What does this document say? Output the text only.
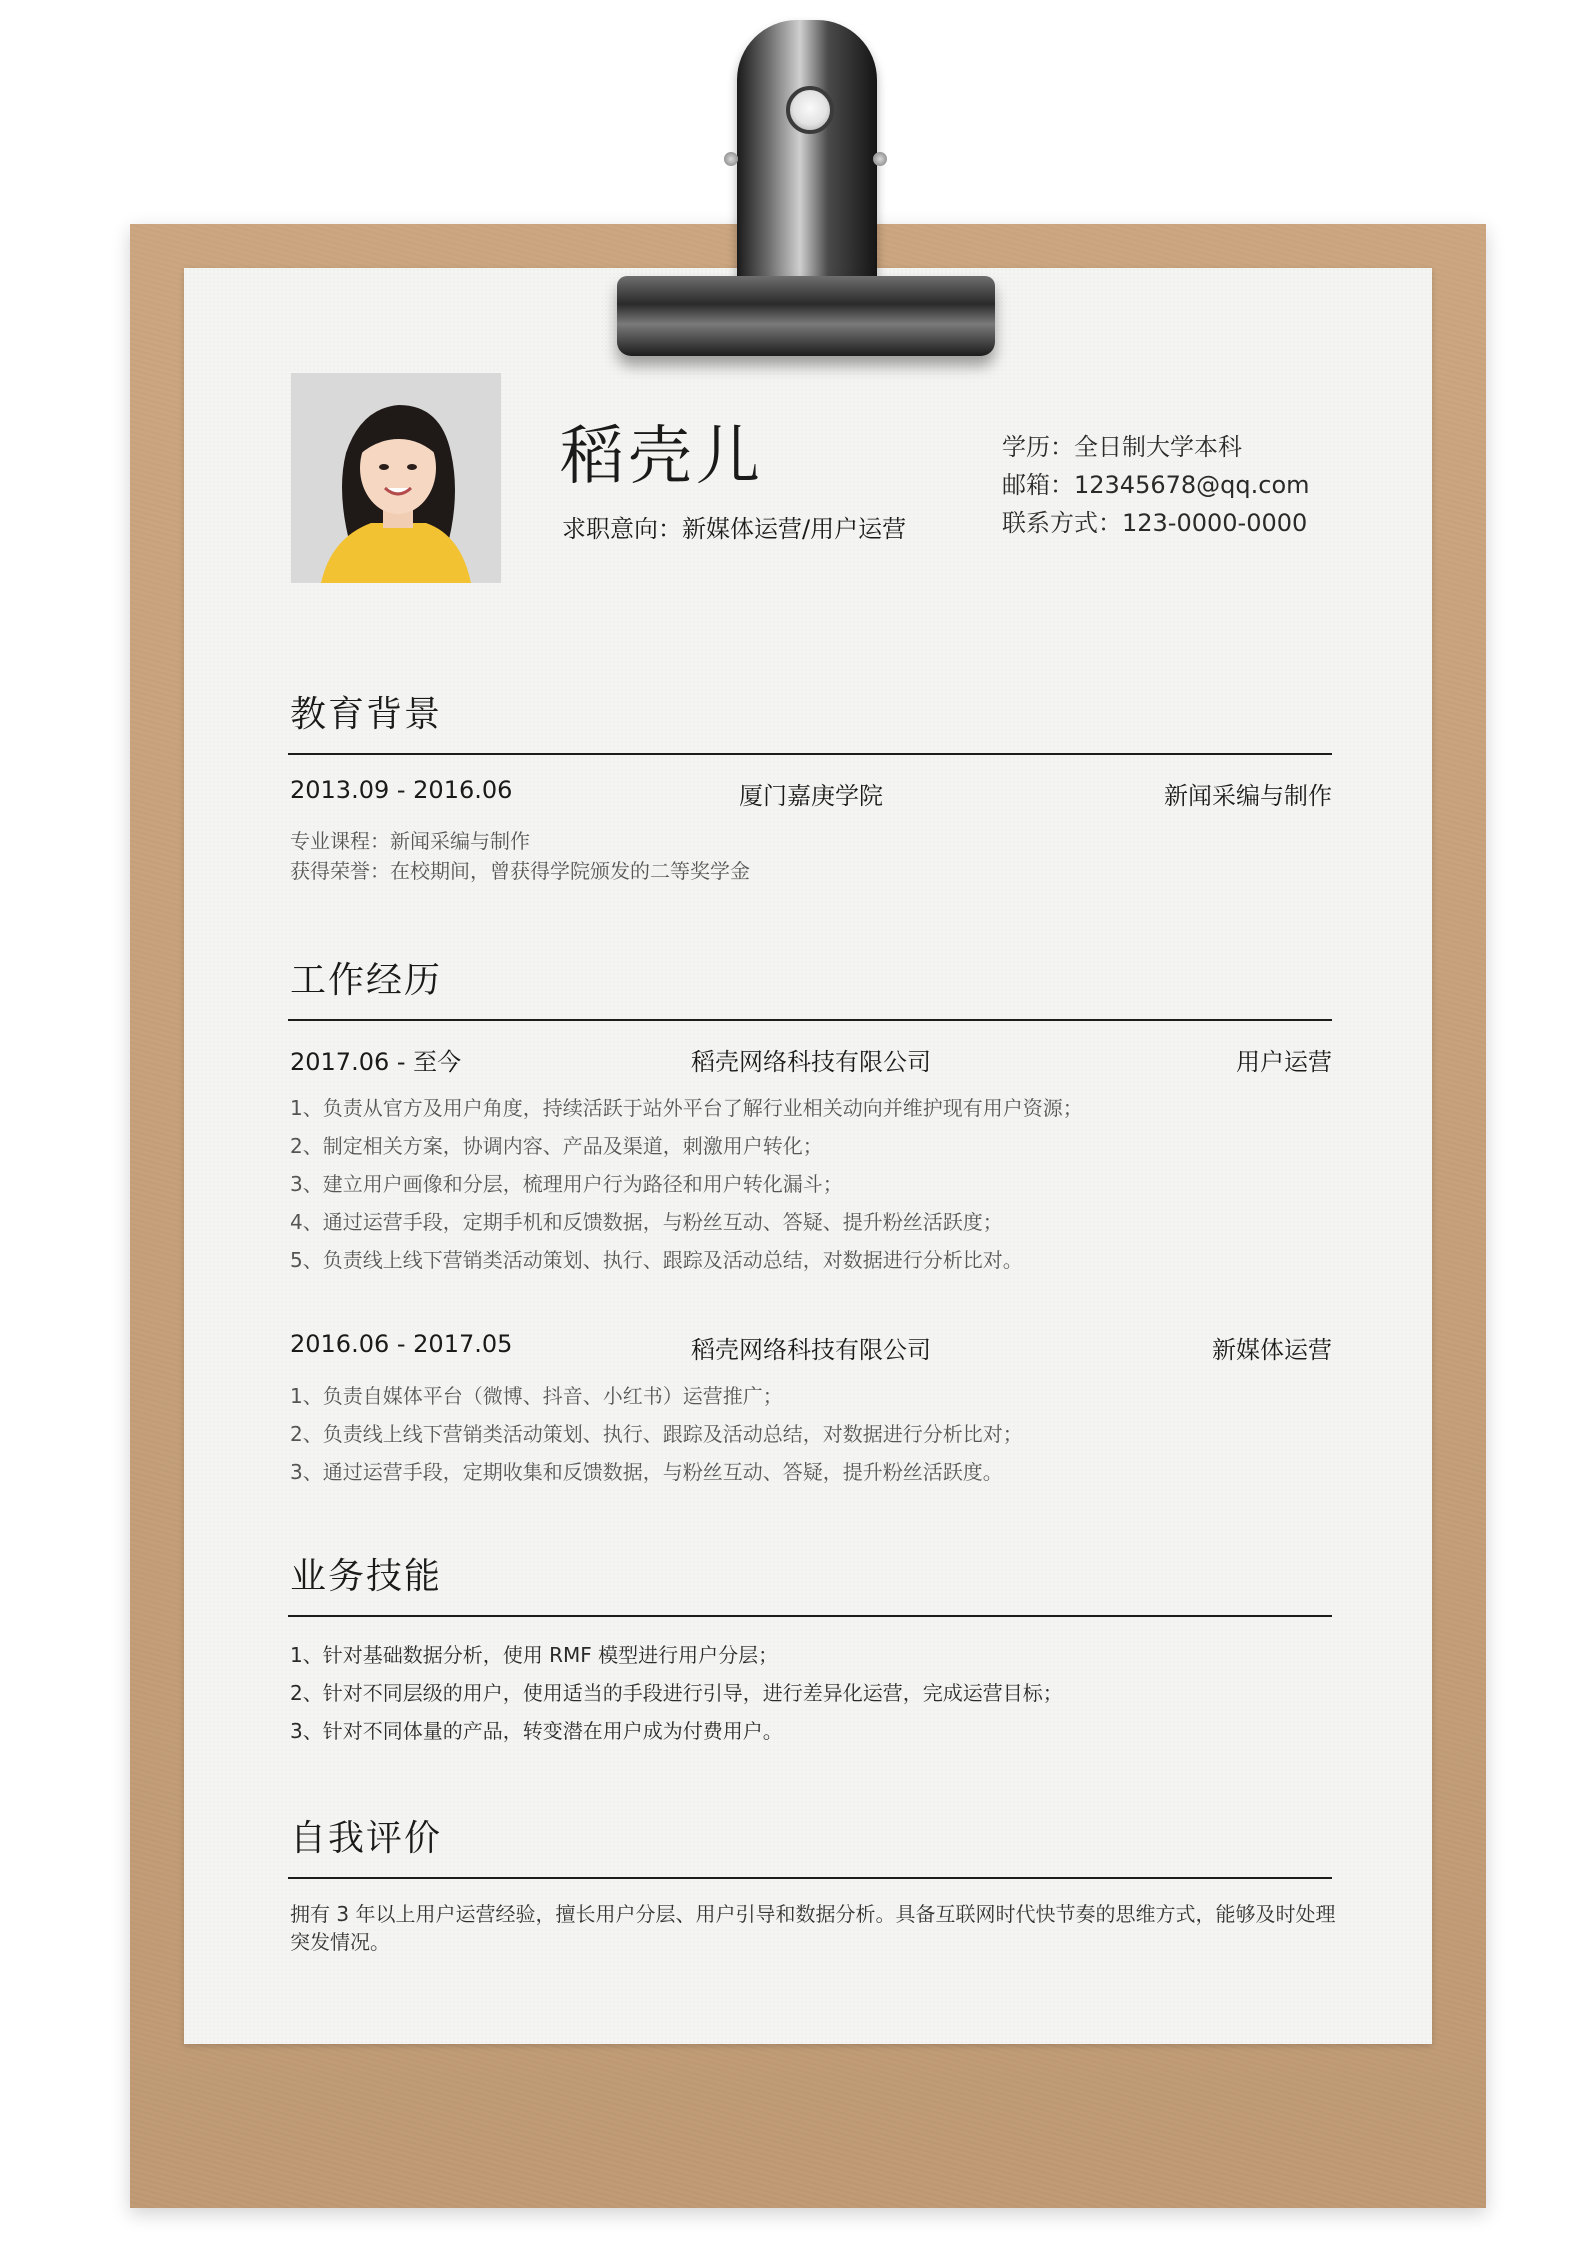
稻壳儿
求职意向：新媒体运营/用户运营
学历：全日制大学本科
邮箱：12345678@qq.com
联系方式：123-0000-0000
教育背景
2013.09 - 2016.06	厦门嘉庚学院	新闻采编与制作
专业课程：新闻采编与制作
获得荣誉：在校期间，曾获得学院颁发的二等奖学金
工作经历
2017.06 - 至今	稻壳网络科技有限公司	用户运营
1、负责从官方及用户角度，持续活跃于站外平台了解行业相关动向并维护现有用户资源；
2、制定相关方案，协调内容、产品及渠道，刺激用户转化；
3、建立用户画像和分层，梳理用户行为路径和用户转化漏斗；
4、通过运营手段，定期手机和反馈数据，与粉丝互动、答疑、提升粉丝活跃度；
5、负责线上线下营销类活动策划、执行、跟踪及活动总结，对数据进行分析比对。
2016.06 - 2017.05	稻壳网络科技有限公司	新媒体运营
1、负责自媒体平台（微博、抖音、小红书）运营推广；
2、负责线上线下营销类活动策划、执行、跟踪及活动总结，对数据进行分析比对；
3、通过运营手段，定期收集和反馈数据，与粉丝互动、答疑，提升粉丝活跃度。
业务技能
1、针对基础数据分析，使用 RMF 模型进行用户分层；
2、针对不同层级的用户，使用适当的手段进行引导，进行差异化运营，完成运营目标；
3、针对不同体量的产品，转变潜在用户成为付费用户。
自我评价
拥有 3 年以上用户运营经验，擅长用户分层、用户引导和数据分析。具备互联网时代快节奏的思维方式，能够及时处理突发情况。
